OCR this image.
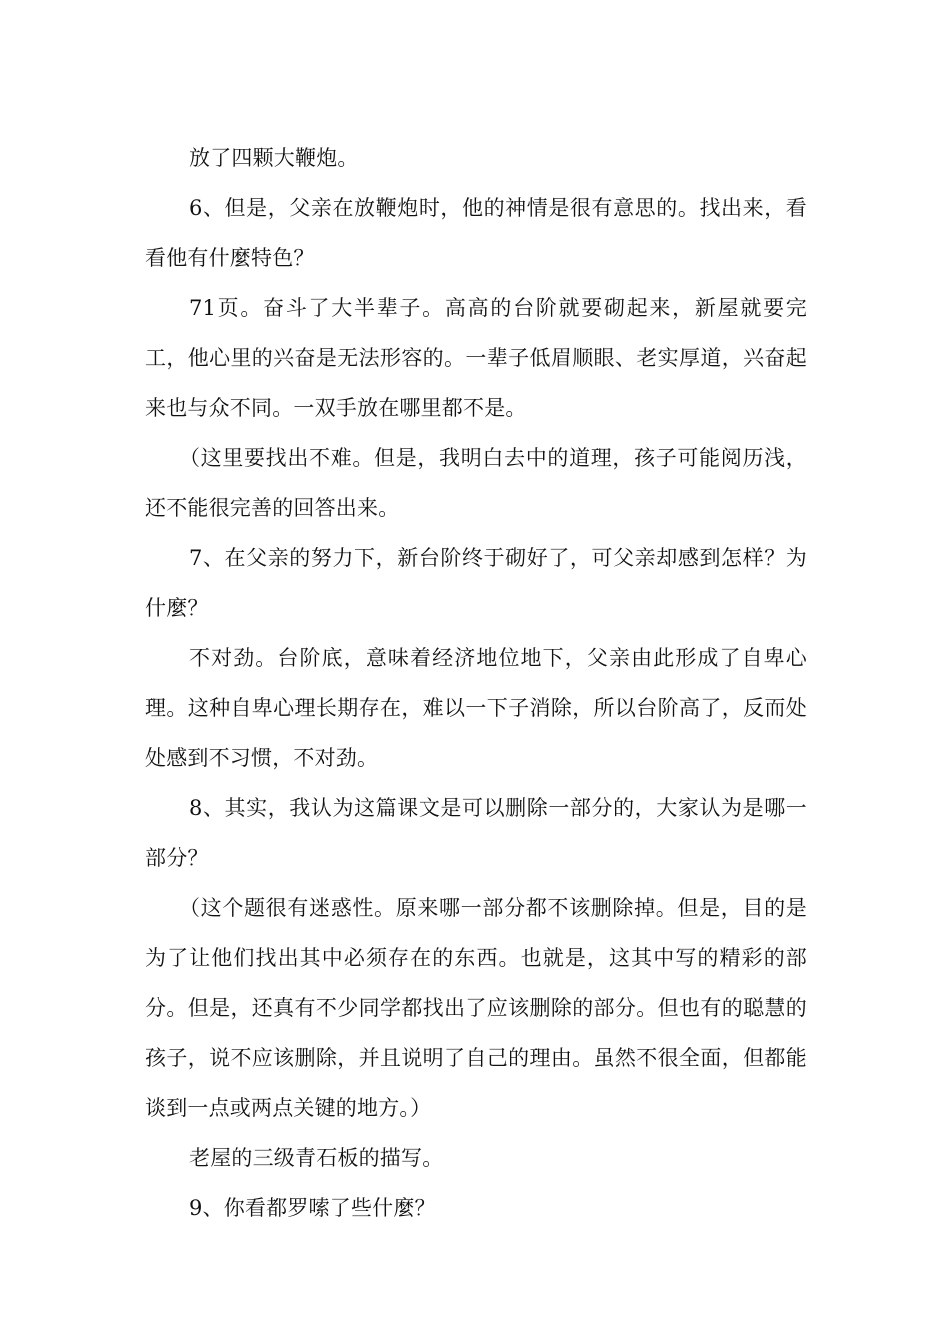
放了四颗大鞭炮。

6、但是，父亲在放鞭炮时，他的神情是很有意思的。找出来，看看他有什麼特色？

71页。奋斗了大半辈子。高高的台阶就要砌起来，新屋就要完工，他心里的兴奋是无法形容的。一辈子低眉顺眼、老实厚道，兴奋起来也与众不同。一双手放在哪里都不是。

（这里要找出不难。但是，我明白去中的道理，孩子可能阅历浅，还不能很完善的回答出来。

7、在父亲的努力下，新台阶终于砌好了，可父亲却感到怎样？为什麼？

不对劲。台阶底，意味着经济地位地下，父亲由此形成了自卑心理。这种自卑心理长期存在，难以一下子消除，所以台阶高了，反而处处感到不习惯，不对劲。

8、其实，我认为这篇课文是可以删除一部分的，大家认为是哪一部分？

（这个题很有迷惑性。原来哪一部分都不该删除掉。但是，目的是为了让他们找出其中必须存在的东西。也就是，这其中写的精彩的部分。但是，还真有不少同学都找出了应该删除的部分。但也有的聪慧的孩子，说不应该删除，并且说明了自己的理由。虽然不很全面，但都能谈到一点或两点关键的地方。）

老屋的三级青石板的描写。

9、你看都罗嗦了些什麼？
